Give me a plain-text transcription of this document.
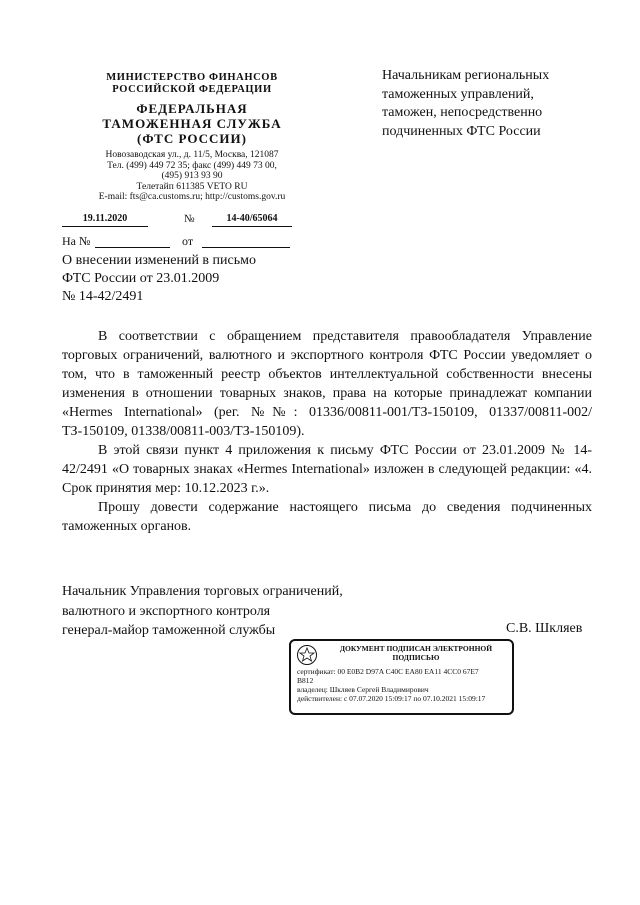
МИНИСТЕРСТВО ФИНАНСОВ
РОССИЙСКОЙ ФЕДЕРАЦИИ
ФЕДЕРАЛЬНАЯ
ТАМОЖЕННАЯ СЛУЖБА
(ФТС РОССИИ)
Новозаводская ул., д. 11/5, Москва, 121087
Тел. (499) 449 72 35; факс (499) 449 73 00,
(495) 913 93 90
Телетайп 611385 VETO RU
E-mail: fts@ca.customs.ru; http://customs.gov.ru
19.11.2020	№	14-40/65064
На №	от
О внесении изменений в письмо
ФТС России от 23.01.2009
№ 14-42/2491
Начальникам региональных
таможенных управлений,
таможен, непосредственно
подчиненных ФТС России

В соответствии с обращением представителя правообладателя Управление торговых ограничений, валютного и экспортного контроля ФТС России уведомляет о том, что в таможенный реестр объектов интеллектуальной собственности внесены изменения в отношении товарных знаков, права на которые принадлежат компании «Hermes International» (рег. №№: 01336/00811-001/ТЗ-150109, 01337/00811-002/ТЗ-150109, 01338/00811-003/ТЗ-150109).

В этой связи пункт 4 приложения к письму ФТС России от 23.01.2009 № 14-42/2491 «О товарных знаках «Hermes International» изложен в следующей редакции: «4. Срок принятия мер: 10.12.2023 г.».

Прошу довести содержание настоящего письма до сведения подчиненных таможенных органов.

Начальник Управления торговых ограничений,
валютного и экспортного контроля
генерал-майор таможенной службы	С.В. Шкляев
ДОКУМЕНТ ПОДПИСАН ЭЛЕКТРОННОЙ
ПОДПИСЬЮ
сертификат: 00 E0B2 D97A C40C EA80 EA11 4CC0 67E7
B812
владелец: Шкляев Сергей Владимирович
действителен: с 07.07.2020 15:09:17 по 07.10.2021 15:09:17
